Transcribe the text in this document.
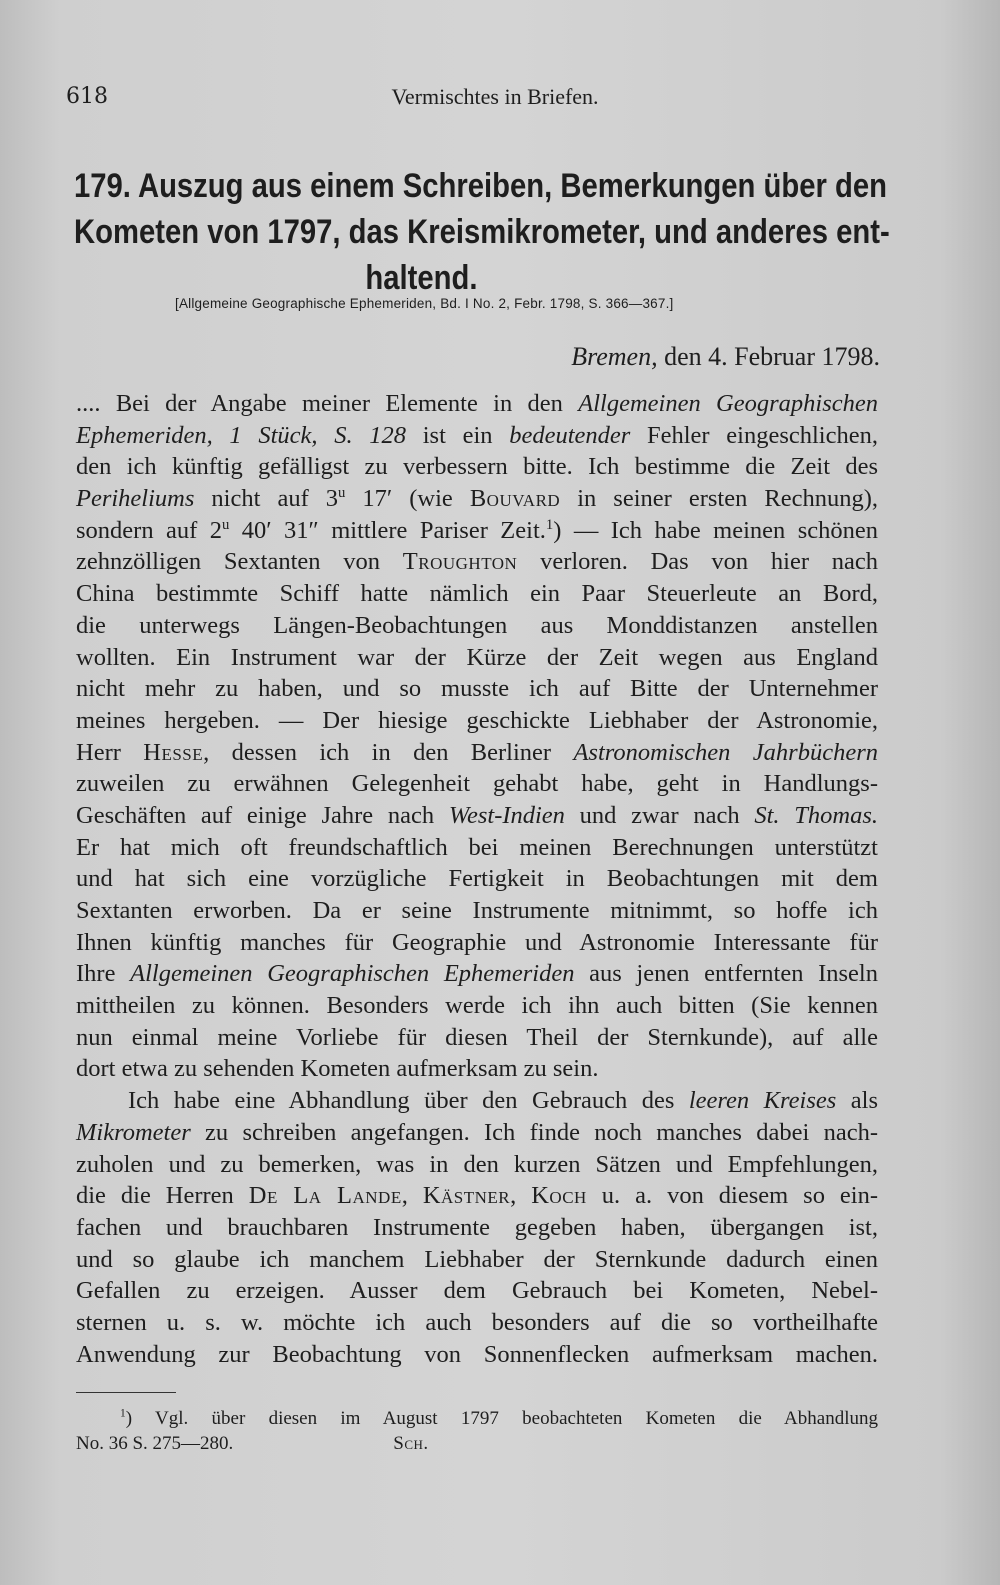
618	Vermischtes in Briefen.
179. Auszug aus einem Schreiben, Bemerkungen über den
Kometen von 1797, das Kreismikrometer, und anderes ent-
haltend.
[Allgemeine Geographische Ephemeriden, Bd. I No. 2, Febr. 1798, S. 366—367.]
Bremen, den 4. Februar 1798.
.... Bei der Angabe meiner Elemente in den Allgemeinen Geographischen
Ephemeriden, 1 Stück, S. 128 ist ein bedeutender Fehler eingeschlichen,
den ich künftig gefälligst zu verbessern bitte. Ich bestimme die Zeit des
Periheliums nicht auf 3$^u$ 17′ (wie Bouvard in seiner ersten Rechnung),
sondern auf 2$^u$ 40′ 31″ mittlere Pariser Zeit.$^1$) — Ich habe meinen schönen
zehnzölligen Sextanten von Troughton verloren. Das von hier nach
China bestimmte Schiff hatte nämlich ein Paar Steuerleute an Bord,
die unterwegs Längen-Beobachtungen aus Monddistanzen anstellen
wollten. Ein Instrument war der Kürze der Zeit wegen aus England
nicht mehr zu haben, und so musste ich auf Bitte der Unternehmer
meines hergeben. — Der hiesige geschickte Liebhaber der Astronomie,
Herr Hesse, dessen ich in den Berliner Astronomischen Jahrbüchern
zuweilen zu erwähnen Gelegenheit gehabt habe, geht in Handlungs-
Geschäften auf einige Jahre nach West-Indien und zwar nach St. Thomas.
Er hat mich oft freundschaftlich bei meinen Berechnungen unterstützt
und hat sich eine vorzügliche Fertigkeit in Beobachtungen mit dem
Sextanten erworben. Da er seine Instrumente mitnimmt, so hoffe ich
Ihnen künftig manches für Geographie und Astronomie Interessante für
Ihre Allgemeinen Geographischen Ephemeriden aus jenen entfernten Inseln
mittheilen zu können. Besonders werde ich ihn auch bitten (Sie kennen
nun einmal meine Vorliebe für diesen Theil der Sternkunde), auf alle
dort etwa zu sehenden Kometen aufmerksam zu sein.
Ich habe eine Abhandlung über den Gebrauch des leeren Kreises als
Mikrometer zu schreiben angefangen. Ich finde noch manches dabei nach-
zuholen und zu bemerken, was in den kurzen Sätzen und Empfehlungen,
die die Herren De La Lande, Kästner, Koch u. a. von diesem so ein-
fachen und brauchbaren Instrumente gegeben haben, übergangen ist,
und so glaube ich manchem Liebhaber der Sternkunde dadurch einen
Gefallen zu erzeigen. Ausser dem Gebrauch bei Kometen, Nebel-
sternen u. s. w. möchte ich auch besonders auf die so vortheilhafte
Anwendung zur Beobachtung von Sonnenflecken aufmerksam machen.
$^1$) Vgl. über diesen im August 1797 beobachteten Kometen die Abhandlung
No. 36 S. 275—280.	Sch.
